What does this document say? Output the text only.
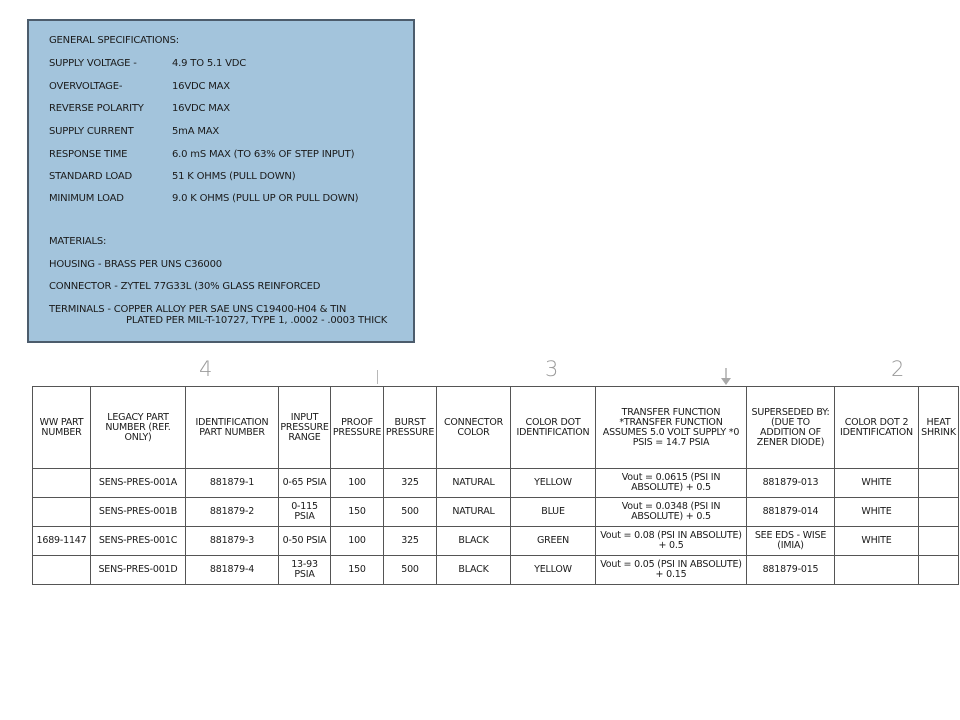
GENERAL SPECIFICATIONS:
SUPPLY VOLTAGE -	4.9 TO 5.1 VDC
OVERVOLTAGE-	16VDC MAX
REVERSE POLARITY	16VDC MAX
SUPPLY CURRENT	5mA MAX
RESPONSE TIME	6.0 mS MAX (TO 63% OF STEP INPUT)
STANDARD LOAD	51 K OHMS (PULL DOWN)
MINIMUM LOAD	9.0 K OHMS (PULL UP OR PULL DOWN)
MATERIALS:
HOUSING - BRASS PER UNS C36000
CONNECTOR - ZYTEL 77G33L (30% GLASS REINFORCED
TERMINALS - COPPER ALLOY PER SAE UNS C19400-H04 & TIN
PLATED PER MIL-T-10727, TYPE 1, .0002 - .0003 THICK
4	3	2
WW PART NUMBER	LEGACY PART NUMBER (REF. ONLY)	IDENTIFICATION PART NUMBER	INPUT PRESSURE RANGE	PROOF PRESSURE	BURST PRESSURE	CONNECTOR COLOR	COLOR DOT IDENTIFICATION	TRANSFER FUNCTION *TRANSFER FUNCTION ASSUMES 5.0 VOLT SUPPLY *0 PSIS = 14.7 PSIA	SUPERSEDED BY: (DUE TO ADDITION OF ZENER DIODE)	COLOR DOT 2 IDENTIFICATION	HEAT SHRINK
	SENS-PRES-001A	881879-1	0-65 PSIA	100	325	NATURAL	YELLOW	Vout = 0.0615 (PSI IN ABSOLUTE) + 0.5	881879-013	WHITE	
	SENS-PRES-001B	881879-2	0-115 PSIA	150	500	NATURAL	BLUE	Vout = 0.0348 (PSI IN ABSOLUTE) + 0.5	881879-014	WHITE	
1689-1147	SENS-PRES-001C	881879-3	0-50 PSIA	100	325	BLACK	GREEN	Vout = 0.08 (PSI IN ABSOLUTE) + 0.5	SEE EDS - WISE (IMIA)	WHITE	
	SENS-PRES-001D	881879-4	13-93 PSIA	150	500	BLACK	YELLOW	Vout = 0.05 (PSI IN ABSOLUTE) + 0.15	881879-015		
